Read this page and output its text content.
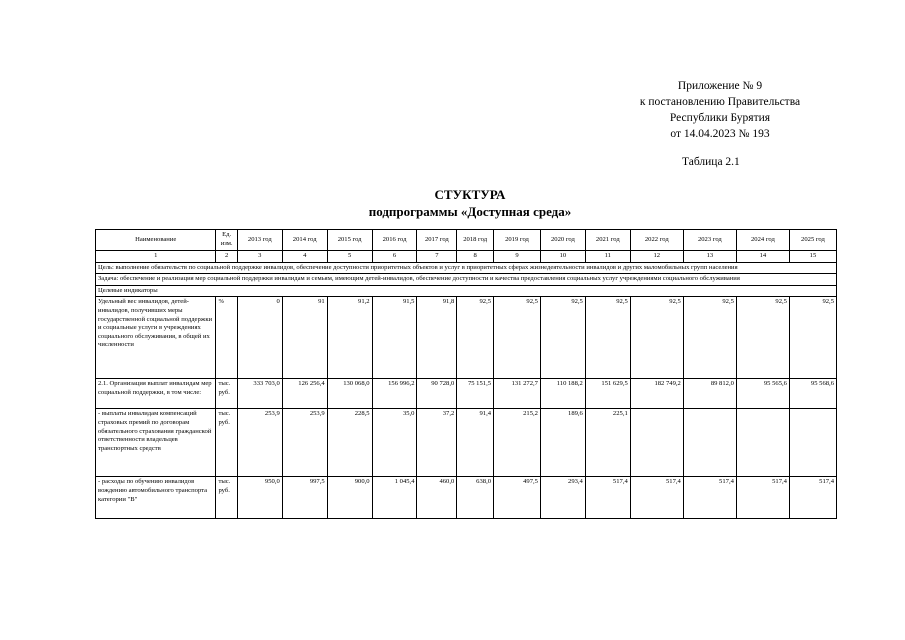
Приложение № 9
к постановлению Правительства
Республики Бурятия
от 14.04.2023 № 193
Таблица 2.1
СТУКТУРА
подпрограммы «Доступная среда»
Наименование	Ед. изм.	2013 год	2014 год	2015 год	2016 год	2017 год	2018 год	2019 год	2020 год	2021 год	2022 год	2023 год	2024 год	2025 год
1	2	3	4	5	6	7	8	9	10	11	12	13	14	15
Цель: выполнение обязательств по социальной поддержке инвалидов, обеспечение доступности приоритетных объектов и услуг в приоритетных сферах жизнедеятельности инвалидов и других маломобильных групп населения														
Задача: обеспечение и реализация мер социальной поддержки инвалидам и семьям, имеющим детей-инвалидов, обеспечение доступности и качества предоставления социальных услуг учреждениями социального обслуживания														
Целевые индикаторы														
Удельный вес инвалидов, детей-инвалидов, получивших меры государственной социальной поддержки и социальные услуги в учреждениях социального обслуживания, в общей их численности	%	0	91	91,2	91,5	91,8	92,5	92,5	92,5	92,5	92,5	92,5	92,5	92,5
2.1. Организация выплат инвалидам мер социальной поддержки, в том числе:	тыс. руб.	333 703,0	126 256,4	130 068,0	156 996,2	90 728,0	75 151,5	131 272,7	110 188,2	151 629,5	182 749,2	89 812,0	95 565,6	95 568,6
- выплаты инвалидам компенсаций страховых премий по договорам обязательного страхования гражданской ответственности владельцев транспортных средств	тыс. руб.	253,9	253,9	228,5	35,0	37,2	91,4	215,2	189,6	225,1				
- расходы по обучению инвалидов вождению автомобильного транспорта категории "В"	тыс. руб.	950,0	997,5	900,0	1 045,4	460,0	638,0	497,5	293,4	517,4	517,4	517,4	517,4	517,4
